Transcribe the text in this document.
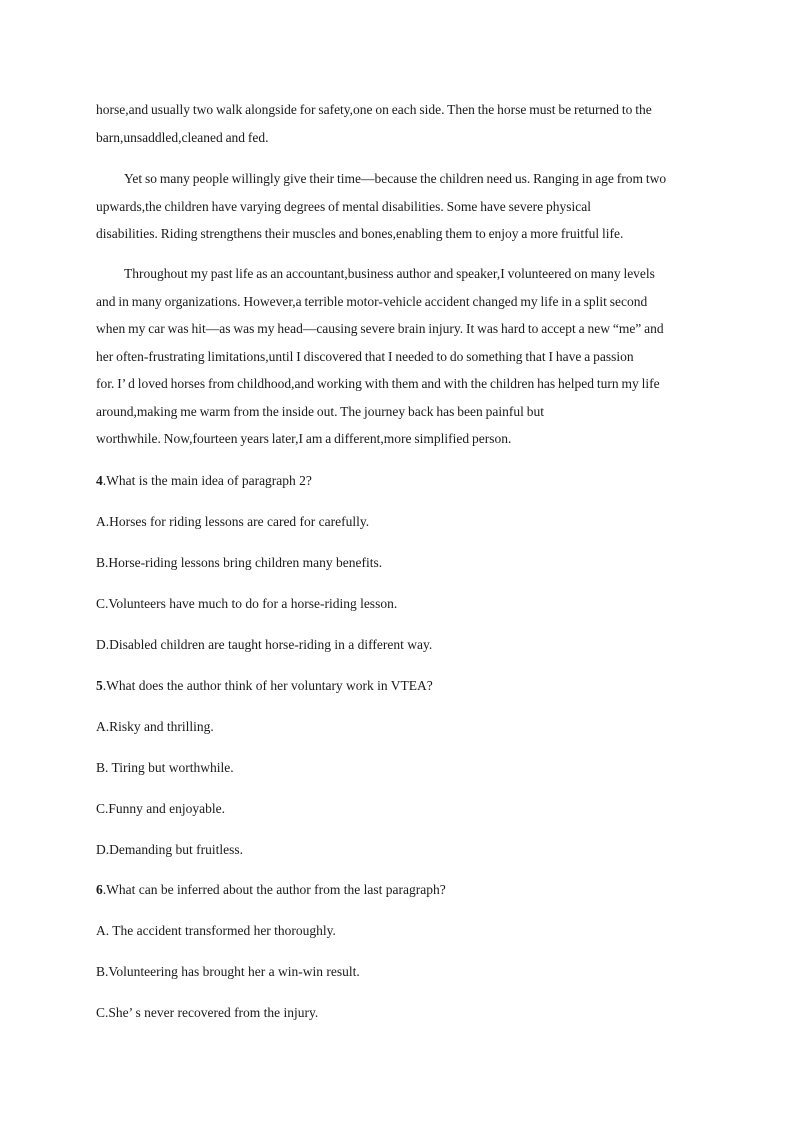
horse,and usually two walk alongside for safety,one on each side. Then the horse must be returned to the
barn,unsaddled,cleaned and fed.
Yet so many people willingly give their time—because the children need us. Ranging in age from two
upwards,the children have varying degrees of mental disabilities. Some have severe physical
disabilities. Riding strengthens their muscles and bones,enabling them to enjoy a more fruitful life.
Throughout my past life as an accountant,business author and speaker,I volunteered on many levels
and in many organizations. However,a terrible motor-vehicle accident changed my life in a split second
when my car was hit—as was my head—causing severe brain injury. It was hard to accept a new “me” and
her often-frustrating limitations,until I discovered that I needed to do something that I have a passion
for. I’ d loved horses from childhood,and working with them and with the children has helped turn my life
around,making me warm from the inside out. The journey back has been painful but
worthwhile. Now,fourteen years later,I am a different,more simplified person.

4.What is the main idea of paragraph 2?

A.Horses for riding lessons are cared for carefully.

B.Horse-riding lessons bring children many benefits.

C.Volunteers have much to do for a horse-riding lesson.

D.Disabled children are taught horse-riding in a different way.

5.What does the author think of her voluntary work in VTEA?

A.Risky and thrilling.

B. Tiring but worthwhile.

C.Funny and enjoyable.

D.Demanding but fruitless.

6.What can be inferred about the author from the last paragraph?

A. The accident transformed her thoroughly.

B.Volunteering has brought her a win-win result.

C.She’ s never recovered from the injury.
